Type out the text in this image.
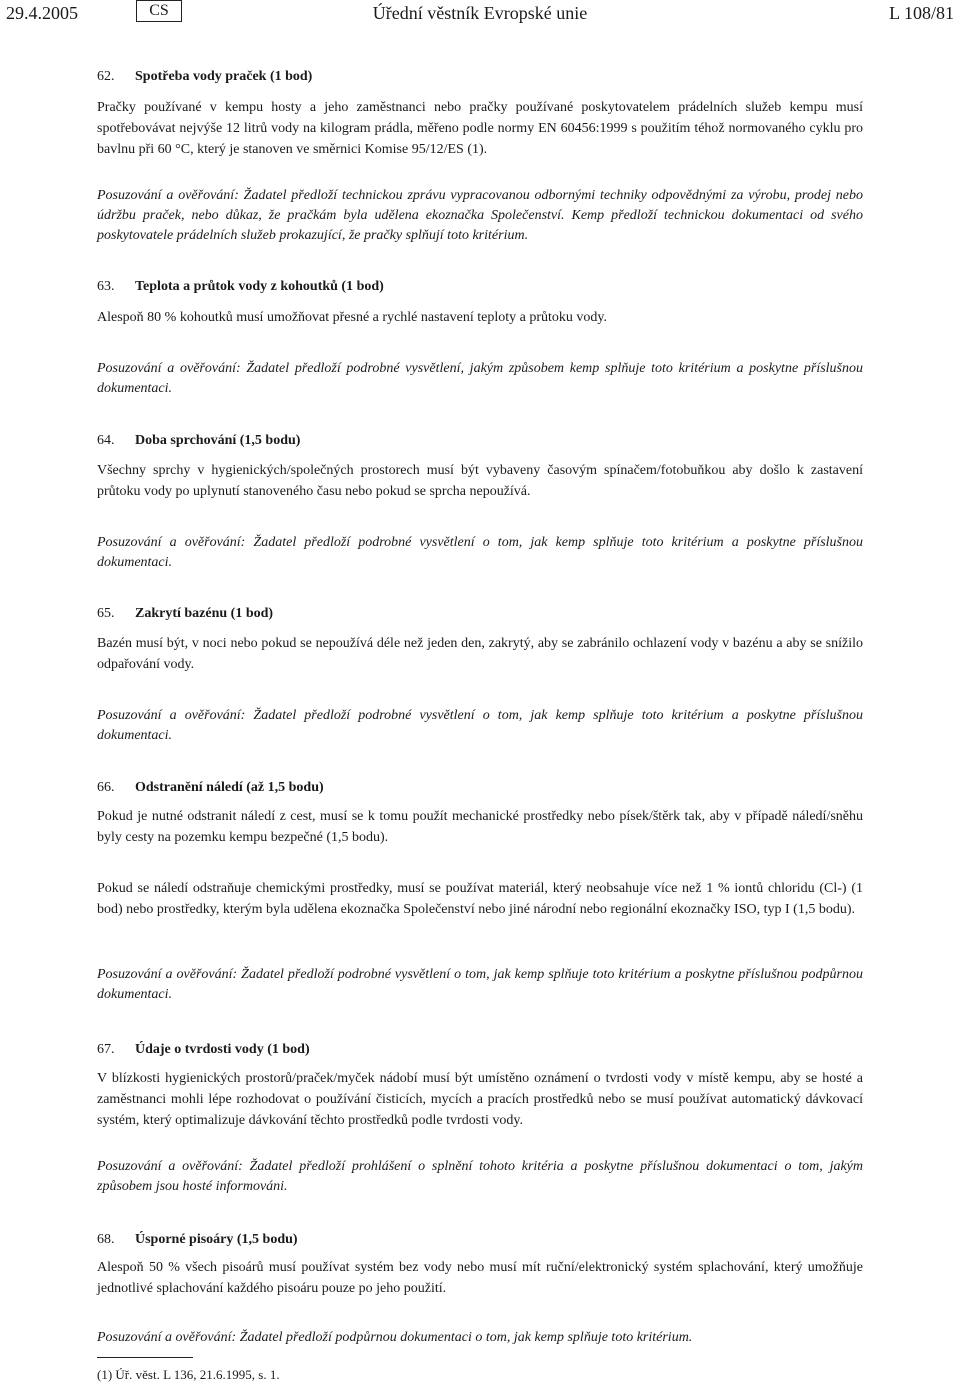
29.4.2005	CS	Úřední věstník Evropské unie	L 108/81
62. Spotřeba vody praček (1 bod)
Pračky používané v kempu hosty a jeho zaměstnanci nebo pračky používané poskytovatelem prádelních služeb kempu musí spotřebovávat nejvýše 12 litrů vody na kilogram prádla, měřeno podle normy EN 60456:1999 s použitím téhož normovaného cyklu pro bavlnu při 60 °C, který je stanoven ve směrnici Komise 95/12/ES (1).
Posuzování a ověřování: Žadatel předloží technickou zprávu vypracovanou odbornými techniky odpovědnými za výrobu, prodej nebo údržbu praček, nebo důkaz, že pračkám byla udělena ekoznačka Společenství. Kemp předloží technickou dokumentaci od svého poskytovatele prádelních služeb prokazující, že pračky splňují toto kritérium.
63. Teplota a průtok vody z kohoutků (1 bod)
Alespoň 80 % kohoutků musí umožňovat přesné a rychlé nastavení teploty a průtoku vody.
Posuzování a ověřování: Žadatel předloží podrobné vysvětlení, jakým způsobem kemp splňuje toto kritérium a poskytne příslušnou dokumentaci.
64. Doba sprchování (1,5 bodu)
Všechny sprchy v hygienických/společných prostorech musí být vybaveny časovým spínačem/fotobuňkou aby došlo k zastavení průtoku vody po uplynutí stanoveného času nebo pokud se sprcha nepoužívá.
Posuzování a ověřování: Žadatel předloží podrobné vysvětlení o tom, jak kemp splňuje toto kritérium a poskytne příslušnou dokumentaci.
65. Zakrytí bazénu (1 bod)
Bazén musí být, v noci nebo pokud se nepoužívá déle než jeden den, zakrytý, aby se zabránilo ochlazení vody v bazénu a aby se snížilo odpařování vody.
Posuzování a ověřování: Žadatel předloží podrobné vysvětlení o tom, jak kemp splňuje toto kritérium a poskytne příslušnou dokumentaci.
66. Odstranění náledí (až 1,5 bodu)
Pokud je nutné odstranit náledí z cest, musí se k tomu použít mechanické prostředky nebo písek/štěrk tak, aby v případě náledí/sněhu byly cesty na pozemku kempu bezpečné (1,5 bodu).
Pokud se náledí odstraňuje chemickými prostředky, musí se používat materiál, který neobsahuje více než 1 % iontů chloridu (Cl-) (1 bod) nebo prostředky, kterým byla udělena ekoznačka Společenství nebo jiné národní nebo regionální ekoznačky ISO, typ I (1,5 bodu).
Posuzování a ověřování: Žadatel předloží podrobné vysvětlení o tom, jak kemp splňuje toto kritérium a poskytne příslušnou podpůrnou dokumentaci.
67. Údaje o tvrdosti vody (1 bod)
V blízkosti hygienických prostorů/praček/myček nádobí musí být umístěno oznámení o tvrdosti vody v místě kempu, aby se hosté a zaměstnanci mohli lépe rozhodovat o používání čisticích, mycích a pracích prostředků nebo se musí používat automatický dávkovací systém, který optimalizuje dávkování těchto prostředků podle tvrdosti vody.
Posuzování a ověřování: Žadatel předloží prohlášení o splnění tohoto kritéria a poskytne příslušnou dokumentaci o tom, jakým způsobem jsou hosté informováni.
68. Úsporné pisoáry (1,5 bodu)
Alespoň 50 % všech pisoárů musí používat systém bez vody nebo musí mít ruční/elektronický systém splachování, který umožňuje jednotlivé splachování každého pisoáru pouze po jeho použití.
Posuzování a ověřování: Žadatel předloží podpůrnou dokumentaci o tom, jak kemp splňuje toto kritérium.
(1) Úř. věst. L 136, 21.6.1995, s. 1.
